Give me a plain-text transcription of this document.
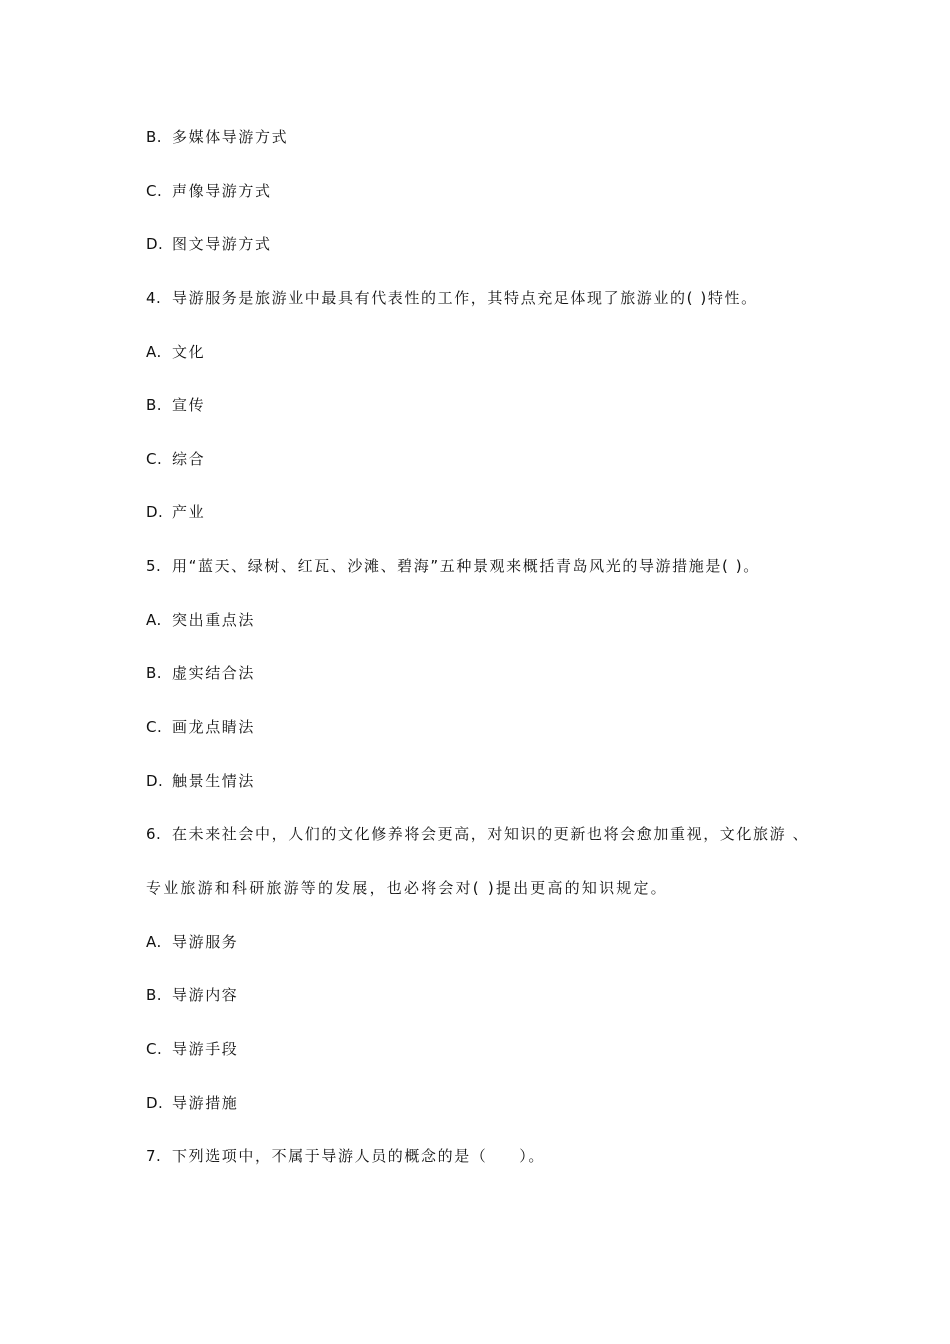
B. 多媒体导游方式
C. 声像导游方式
D. 图文导游方式
4. 导游服务是旅游业中最具有代表性的工作，其特点充足体现了旅游业的( )特性。
A. 文化
B. 宣传
C. 综合
D. 产业
5. 用“蓝天、绿树、红瓦、沙滩、碧海”五种景观来概括青岛风光的导游措施是( )。
A. 突出重点法
B. 虚实结合法
C. 画龙点睛法
D. 触景生情法
6. 在未来社会中，人们的文化修养将会更高，对知识的更新也将会愈加重视，文化旅游 、
专业旅游和科研旅游等的发展，也必将会对( )提出更高的知识规定。
A. 导游服务
B. 导游内容
C. 导游手段
D. 导游措施
7. 下列选项中，不属于导游人员的概念的是（     ）。
